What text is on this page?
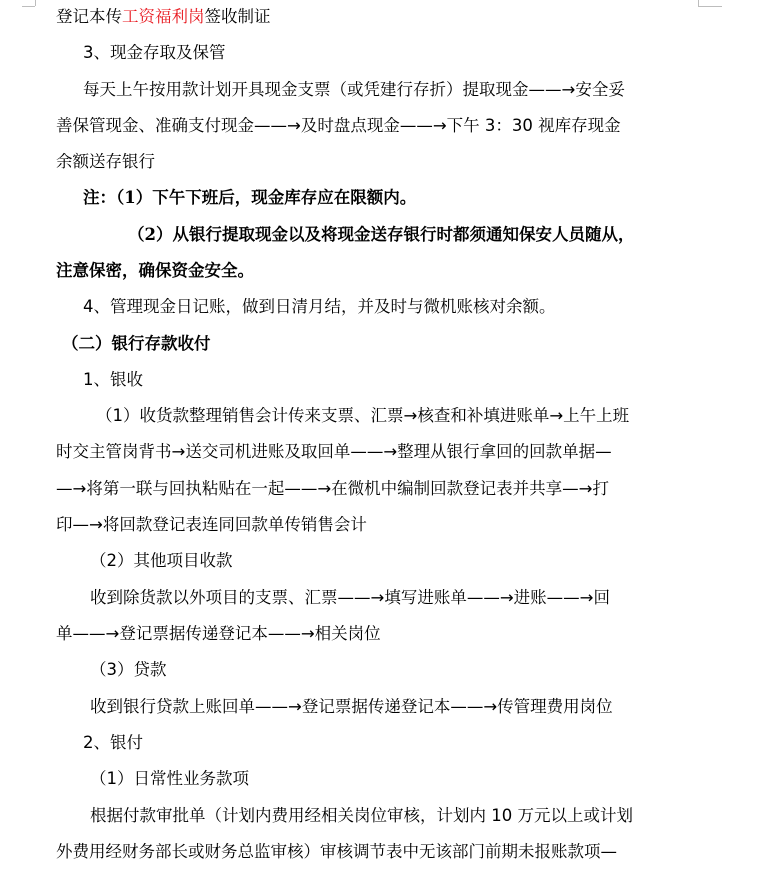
登记本传工资福利岗签收制证
3、现金存取及保管
每天上午按用款计划开具现金支票（或凭建行存折）提取现金——→安全妥
善保管现金、准确支付现金——→及时盘点现金——→下午 3：30 视库存现金
余额送存银行
注：（1）下午下班后，现金库存应在限额内。
（2）从银行提取现金以及将现金送存银行时都须通知保安人员随从，
注意保密，确保资金安全。
4、管理现金日记账，做到日清月结，并及时与微机账核对余额。
（二）银行存款收付
1、银收
（1）收货款整理销售会计传来支票、汇票→核查和补填进账单→上午上班
时交主管岗背书→送交司机进账及取回单——→整理从银行拿回的回款单据—
—→将第一联与回执粘贴在一起——→在微机中编制回款登记表并共享—→打
印—→将回款登记表连同回款单传销售会计
（2）其他项目收款
收到除货款以外项目的支票、汇票——→填写进账单——→进账——→回
单——→登记票据传递登记本——→相关岗位
（3）贷款
收到银行贷款上账回单——→登记票据传递登记本——→传管理费用岗位
2、银付
（1）日常性业务款项
根据付款审批单（计划内费用经相关岗位审核，计划内 10 万元以上或计划
外费用经财务部长或财务总监审核）审核调节表中无该部门前期未报账款项—
